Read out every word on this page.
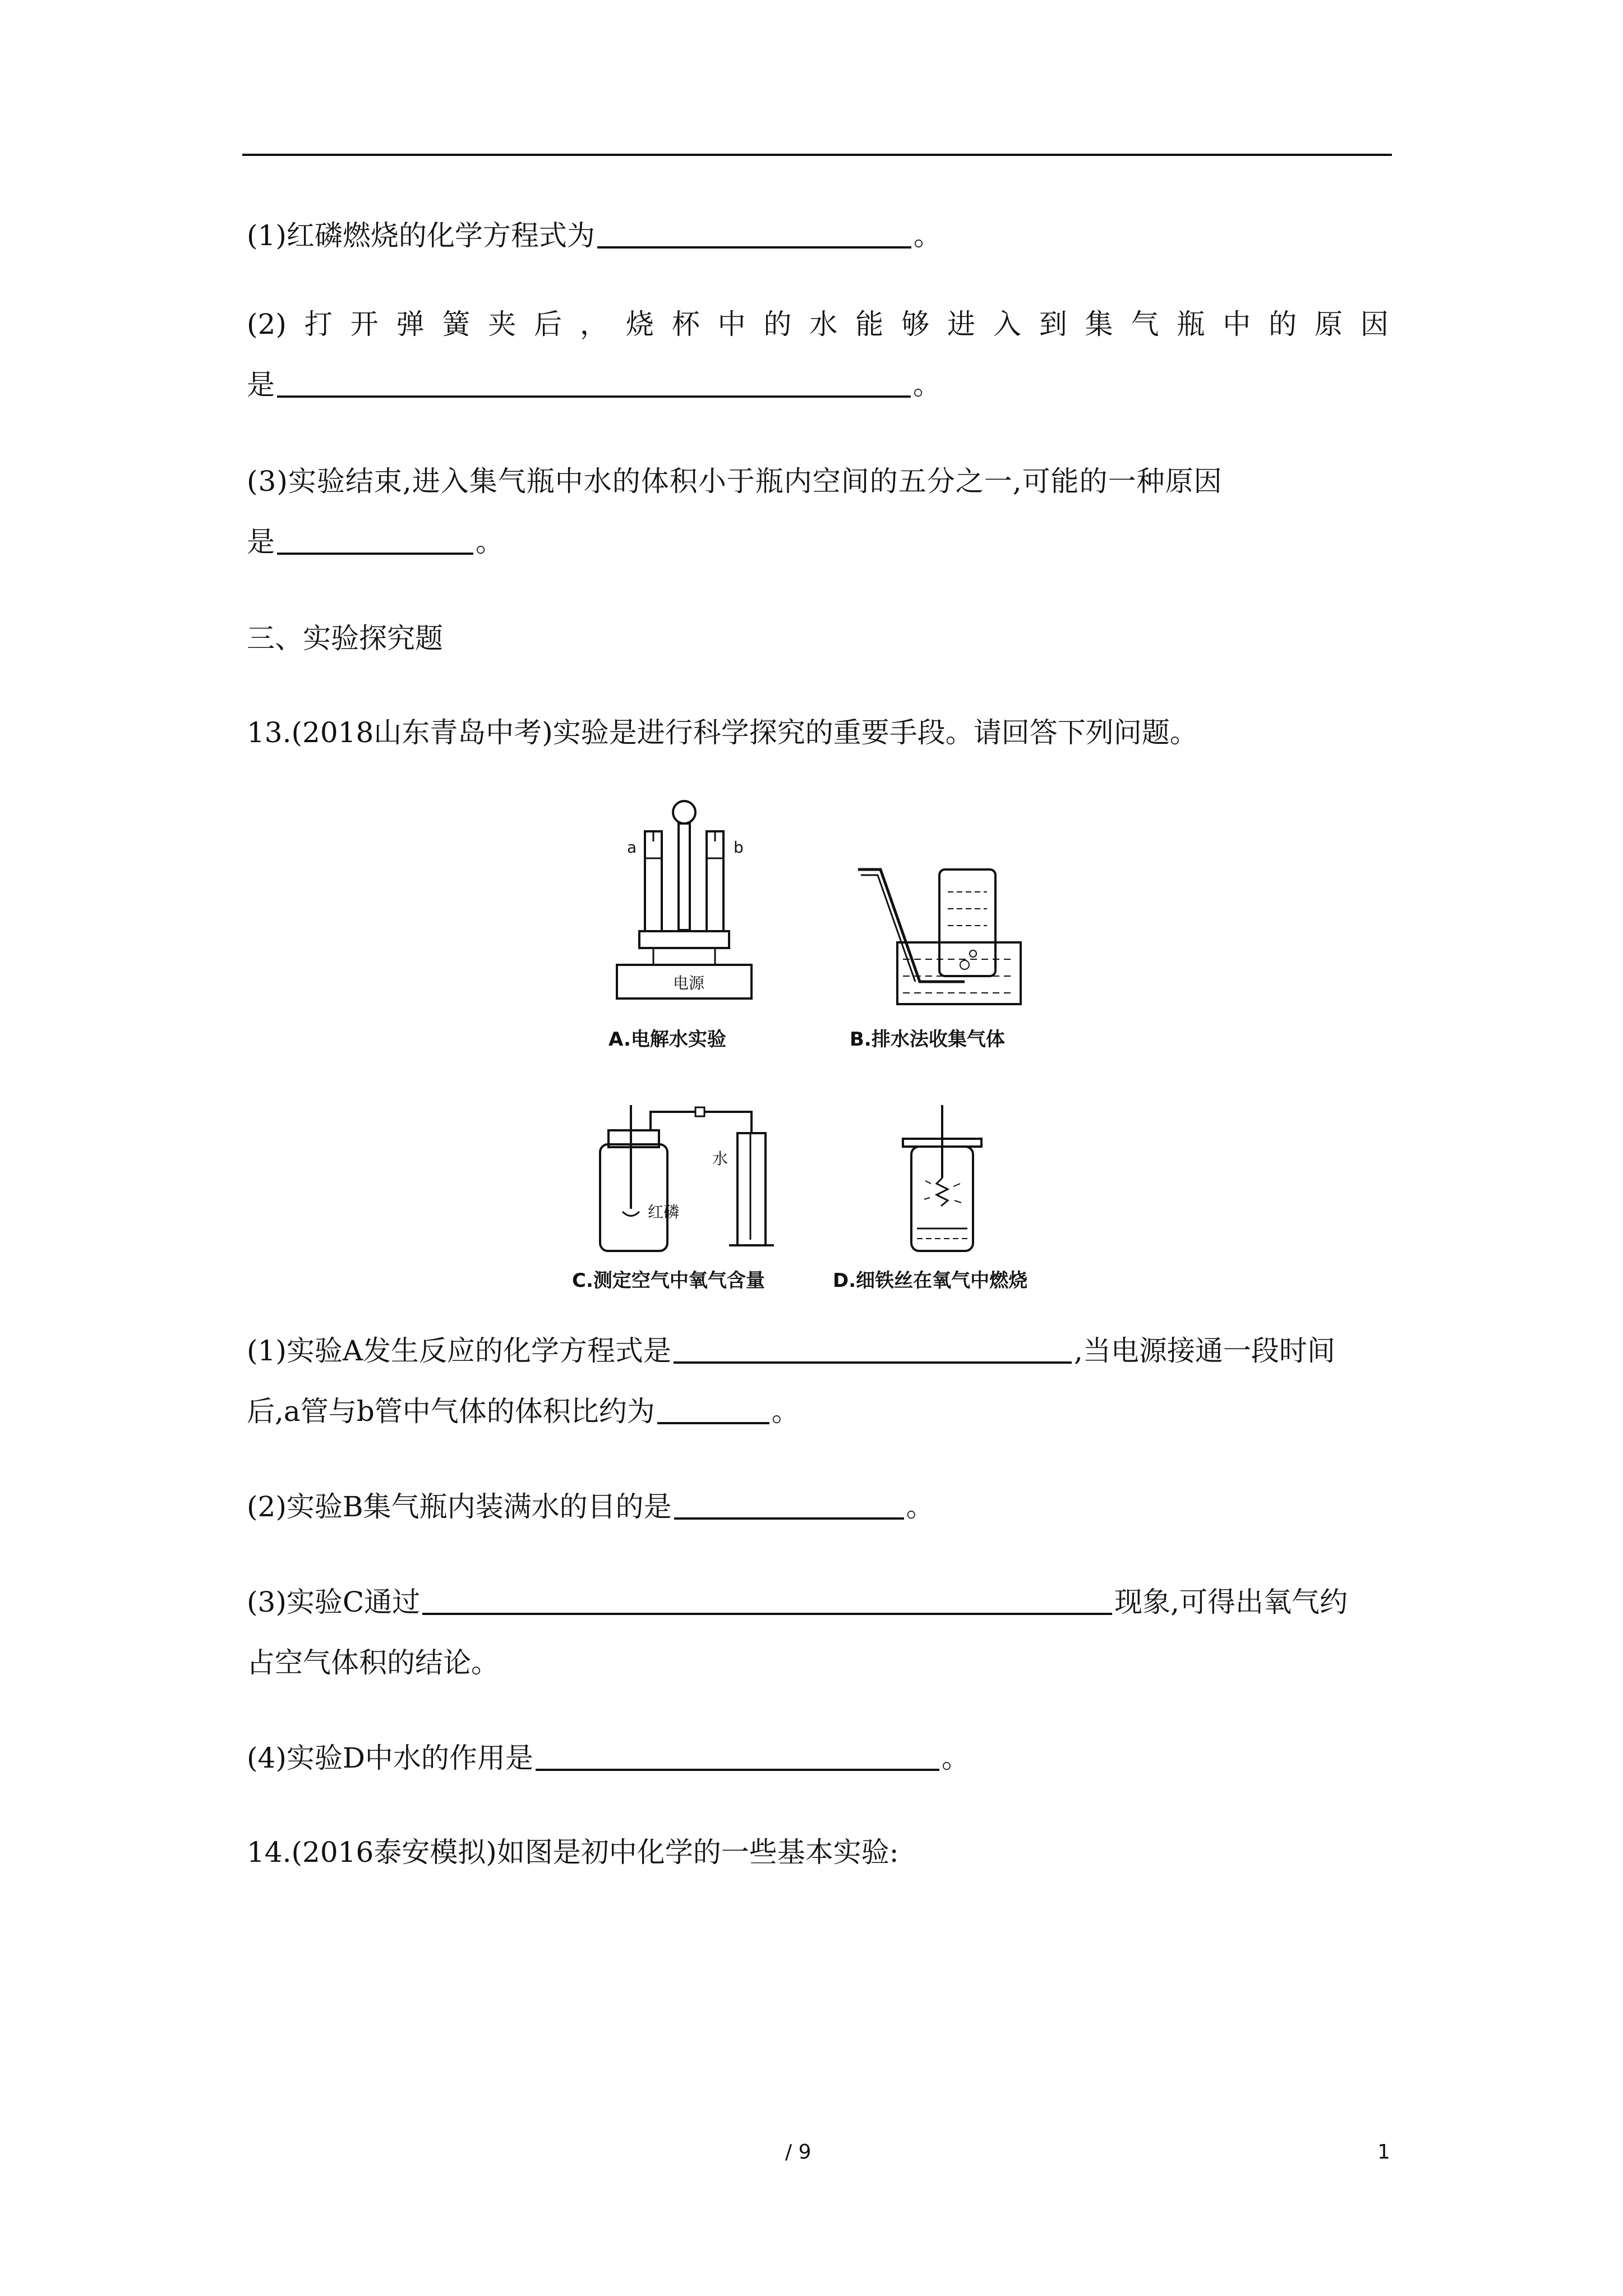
(1)红磷燃烧的化学方程式为	。
(2) 打 开 弹 簧 夹 后 ， 烧 杯 中 的 水 能 够 进 入 到 集 气 瓶 中 的 原 因
是	。
(3)实验结束,进入集气瓶中水的体积小于瓶内空间的五分之一,可能的一种原因
是	。
三、实验探究题
13.(2018山东青岛中考)实验是进行科学探究的重要手段。请回答下列问题。
电源
a	b
A.电解水实验	B.排水法收集气体
水
红磷
C.测定空气中氧气含量	D.细铁丝在氧气中燃烧
(1)实验A发生反应的化学方程式是	,当电源接通一段时间
后,a管与b管中气体的体积比约为	。
(2)实验B集气瓶内装满水的目的是	。
(3)实验C通过	现象,可得出氧气约
占空气体积的结论。
(4)实验D中水的作用是	。
14.(2016泰安模拟)如图是初中化学的一些基本实验:
/ 9	1
